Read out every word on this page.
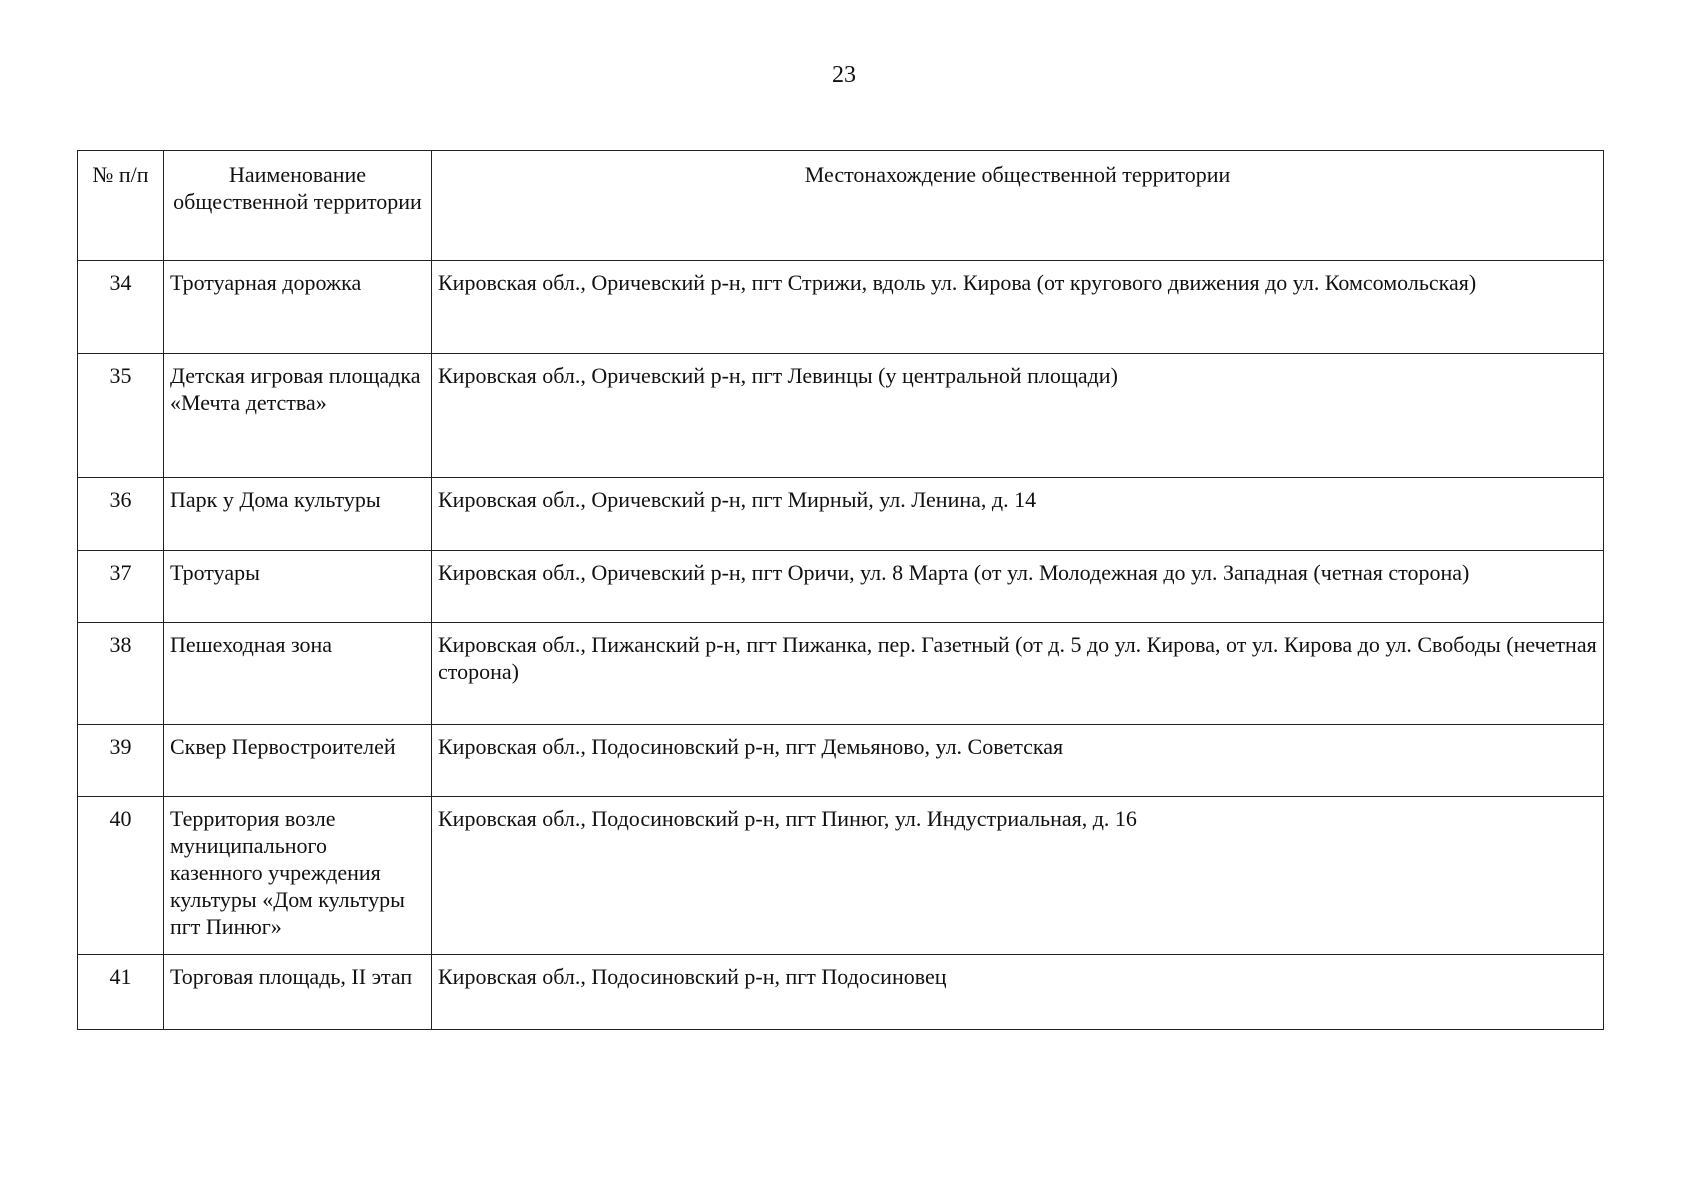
23
№ п/п	Наименование общественной территории	Местонахождение общественной территории
34	Тротуарная дорожка	Кировская обл., Оричевский р-н, пгт Стрижи, вдоль ул. Кирова (от кругового движения до ул. Комсомольская)
35	Детская игровая площадка «Мечта детства»	Кировская обл., Оричевский р-н, пгт Левинцы (у центральной площади)
36	Парк у Дома культуры	Кировская обл., Оричевский р-н, пгт Мирный, ул. Ленина, д. 14
37	Тротуары	Кировская обл., Оричевский р-н, пгт Оричи, ул. 8 Марта (от ул. Молодежная до ул. Западная (четная сторона)
38	Пешеходная зона	Кировская обл., Пижанский р-н, пгт Пижанка, пер. Газетный (от д. 5 до ул. Кирова, от ул. Кирова до ул. Свободы (нечетная сторона)
39	Сквер Первостроителей	Кировская обл., Подосиновский р-н, пгт Демьяново, ул. Советская
40	Территория возле муниципального казенного учреждения культуры «Дом культуры пгт Пинюг»	Кировская обл., Подосиновский р-н, пгт Пинюг, ул. Индустриальная, д. 16
41	Торговая площадь, II этап	Кировская обл., Подосиновский р-н, пгт Подосиновец
